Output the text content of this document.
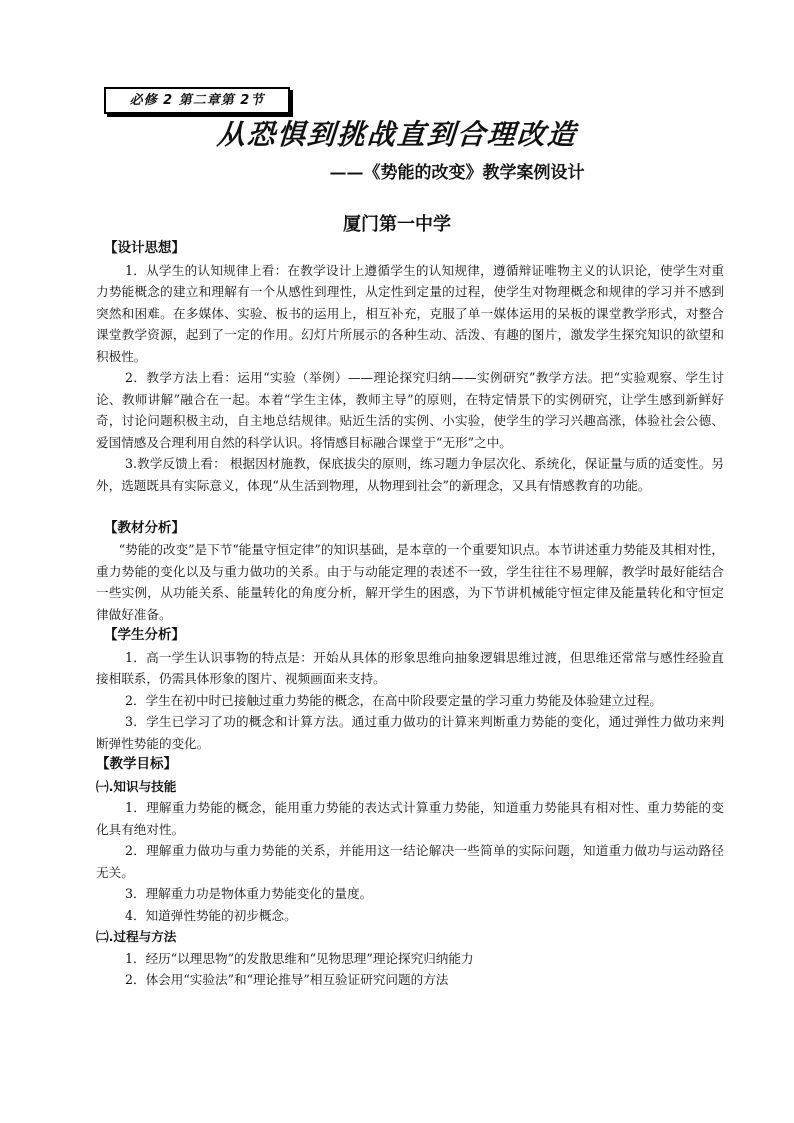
必修 2 第二章第 2节
从恐惧到挑战直到合理改造
——《势能的改变》教学案例设计
厦门第一中学
【设计思想】

1．从学生的认知规律上看：在教学设计上遵循学生的认知规律，遵循辩证唯物主义的认识论，使学生对重力势能概念的建立和理解有一个从感性到理性，从定性到定量的过程，使学生对物理概念和规律的学习并不感到突然和困难。在多媒体、实验、板书的运用上，相互补充，克服了单一媒体运用的呆板的课堂教学形式，对整合课堂教学资源，起到了一定的作用。幻灯片所展示的各种生动、活泼、有趣的图片，激发学生探究知识的欲望和积极性。

2．教学方法上看：运用“实验（举例）——理论探究归纳——实例研究”教学方法。把“实验观察、学生讨论、教师讲解”融合在一起。本着“学生主体，教师主导”的原则，在特定情景下的实例研究，让学生感到新鲜好奇，讨论问题积极主动，自主地总结规律。贴近生活的实例、小实验，使学生的学习兴趣高涨，体验社会公德、爱国情感及合理利用自然的科学认识。将情感目标融合课堂于“无形”之中。

3.教学反馈上看： 根据因材施教，保底拔尖的原则，练习题力争层次化、系统化，保证量与质的适变性。另外，选题既具有实际意义，体现“从生活到物理，从物理到社会”的新理念，又具有情感教育的功能。

【教材分析】

“势能的改变”是下节“能量守恒定律”的知识基础，是本章的一个重要知识点。本节讲述重力势能及其相对性，重力势能的变化以及与重力做功的关系。由于与动能定理的表述不一致，学生往往不易理解，教学时最好能结合一些实例，从功能关系、能量转化的角度分析，解开学生的困惑，为下节讲机械能守恒定律及能量转化和守恒定律做好准备。

【学生分析】

1．高一学生认识事物的特点是：开始从具体的形象思维向抽象逻辑思维过渡，但思维还常常与感性经验直接相联系，仍需具体形象的图片、视频画面来支持。

2．学生在初中时已接触过重力势能的概念，在高中阶段要定量的学习重力势能及体验建立过程。

3．学生已学习了功的概念和计算方法。通过重力做功的计算来判断重力势能的变化，通过弹性力做功来判断弹性势能的变化。

【教学目标】
㈠.知识与技能

1．理解重力势能的概念，能用重力势能的表达式计算重力势能，知道重力势能具有相对性、重力势能的变化具有绝对性。

2．理解重力做功与重力势能的关系，并能用这一结论解决一些简单的实际问题，知道重力做功与运动路径无关。

3．理解重力功是物体重力势能变化的量度。

4．知道弹性势能的初步概念。

㈡.过程与方法

1．经历“以理思物”的发散思维和“见物思理”理论探究归纳能力

2．体会用“实验法”和“理论推导”相互验证研究问题的方法
